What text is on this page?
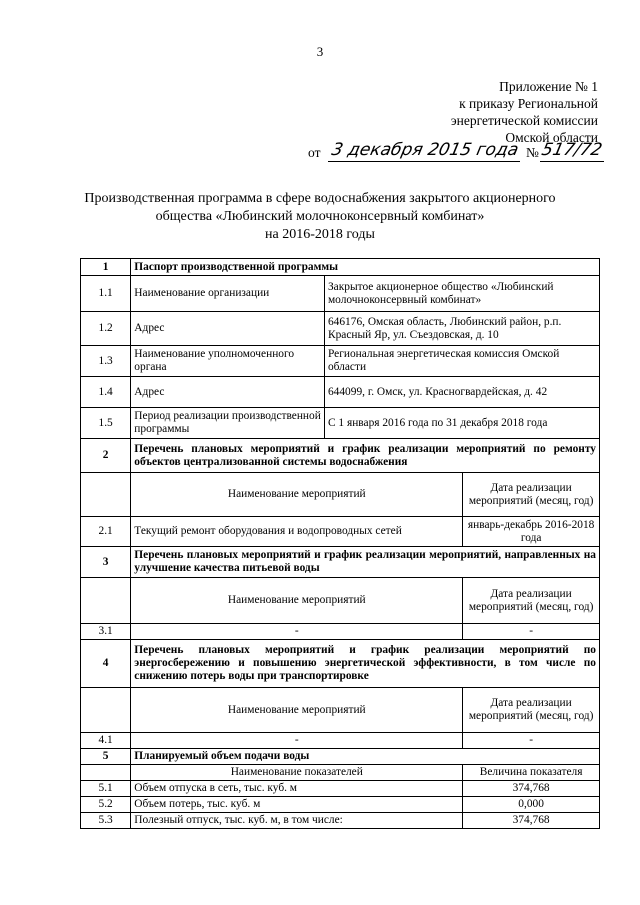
3
Приложение № 1
к приказу Региональной
энергетической комиссии
Омской области
от 3 декабря 2015 года № 517/72
Производственная программа в сфере водоснабжения закрытого акционерного
общества «Любинский молочноконсервный комбинат»
на 2016-2018 годы
1	Паспорт производственной программы		
1.1	Наименование организации	Закрытое акционерное общество «Любинский молочноконсервный комбинат»	
1.2	Адрес	646176, Омская область, Любинский район, р.п. Красный Яр, ул. Съездовская, д. 10	
1.3	Наименование уполномоченного органа	Региональная энергетическая комиссия Омской области	
1.4	Адрес	644099, г. Омск, ул. Красногвардейская, д. 42	
1.5	Период реализации производственной программы	С 1 января 2016 года по 31 декабря 2018 года	
2	Перечень плановых мероприятий и график реализации мероприятий по ремонту объектов централизованной системы водоснабжения		
	Наименование мероприятий		Дата реализации мероприятий (месяц, год)
2.1	Текущий ремонт оборудования и водопроводных сетей		январь-декабрь 2016-2018 года
3	Перечень плановых мероприятий и график реализации мероприятий, направленных на улучшение качества питьевой воды		
	Наименование мероприятий		Дата реализации мероприятий (месяц, год)
3.1	-		-
4	Перечень плановых мероприятий и график реализации мероприятий по энергосбережению и повышению энергетической эффективности, в том числе по снижению потерь воды при транспортировке		
	Наименование мероприятий		Дата реализации мероприятий (месяц, год)
4.1	-		-
5	Планируемый объем подачи воды		
	Наименование показателей		Величина показателя
5.1	Объем отпуска в сеть, тыс. куб. м		374,768
5.2	Объем потерь, тыс. куб. м		0,000
5.3	Полезный отпуск, тыс. куб. м, в том числе:		374,768
